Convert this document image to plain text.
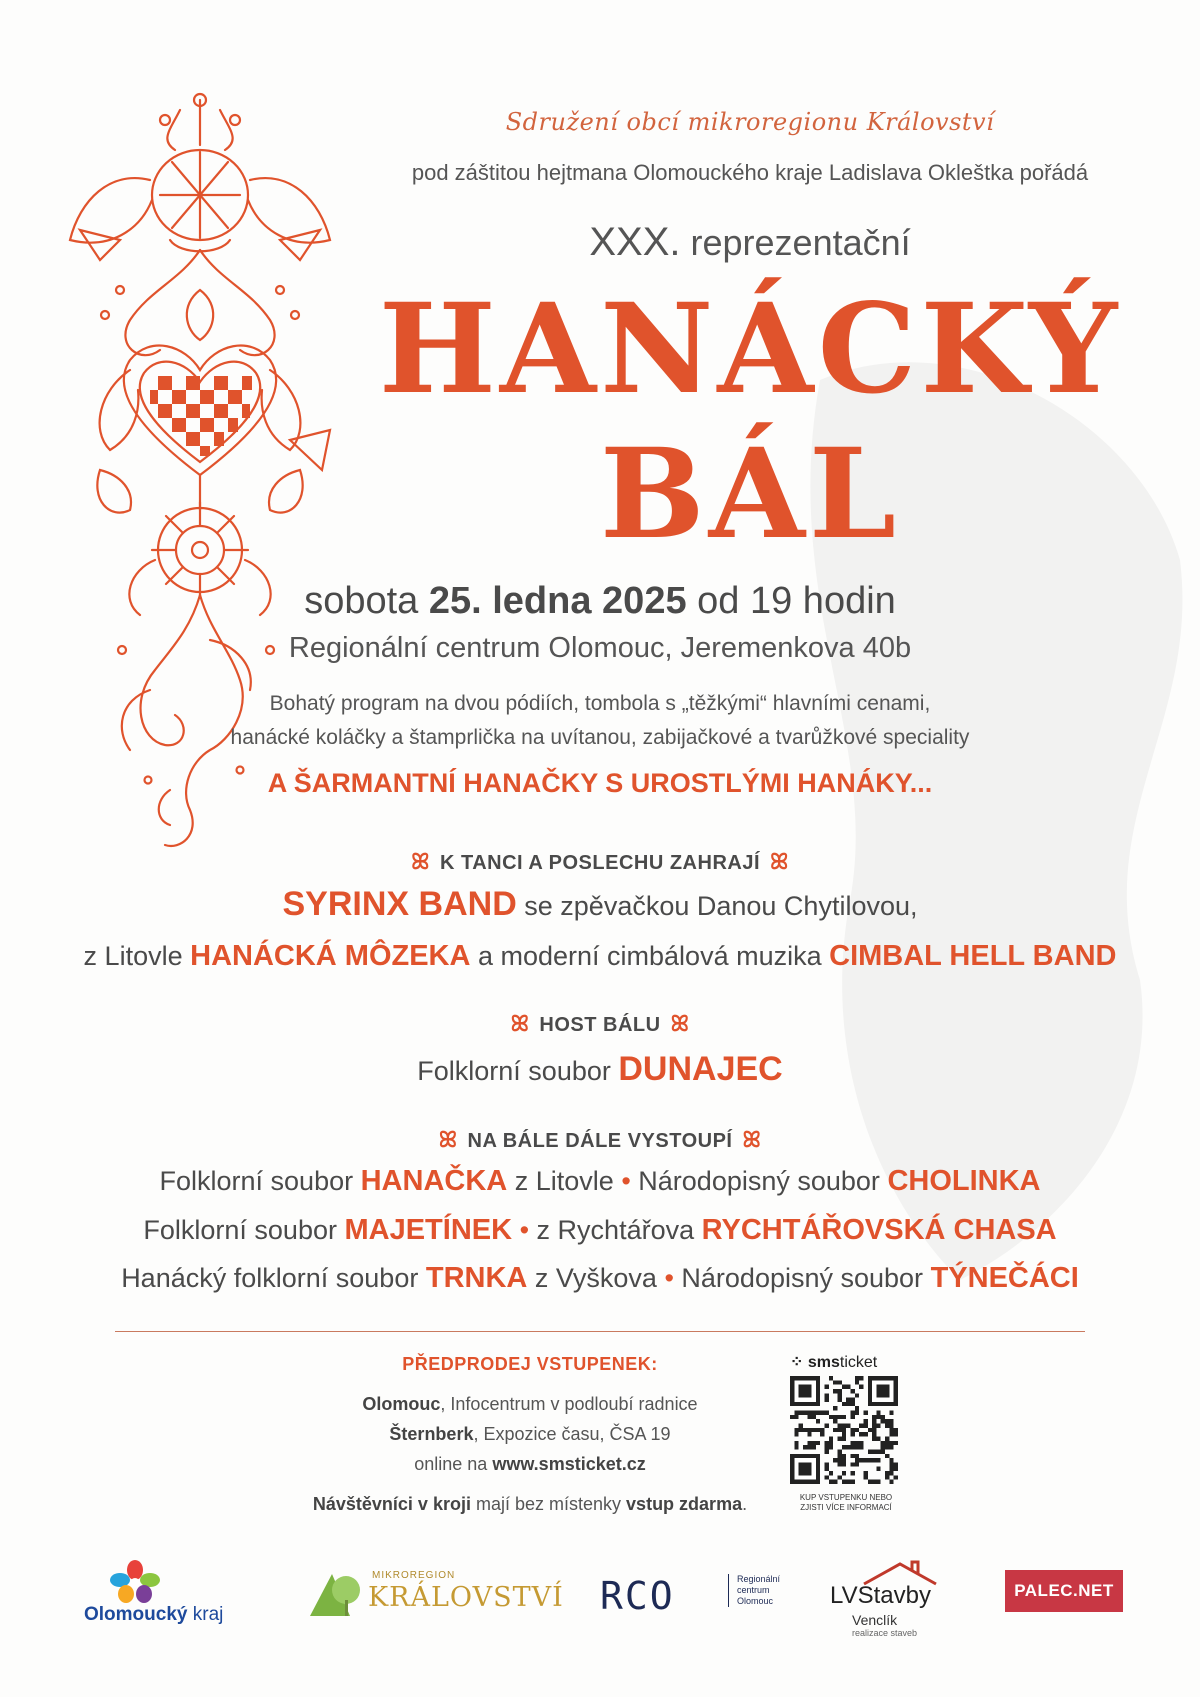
Sdružení obcí mikroregionu Království
pod záštitou hejtmana Olomouckého kraje Ladislava Okleštka pořádá
XXX. reprezentační
HANÁCKÝ
BÁL
sobota 25. ledna 2025 od 19 hodin
Regionální centrum Olomouc, Jeremenkova 40b
Bohatý program na dvou pódiích, tombola s „těžkými“ hlavními cenami,
hanácké koláčky a štamprlička na uvítanou, zabijačkové a tvarůžkové speciality
A ŠARMANTNÍ HANAČKY S UROSTLÝMI HANÁKY...
ꕤ K TANCI A POSLECHU ZAHRAJÍ ꕤ
SYRINX BAND se zpěvačkou Danou Chytilovou,
z Litovle HANÁCKÁ MÔZEKA a moderní cimbálová muzika CIMBAL HELL BAND
ꕤ HOST BÁLU ꕤ
Folklorní soubor DUNAJEC
ꕤ NA BÁLE DÁLE VYSTOUPÍ ꕤ
Folklorní soubor HANAČKA z Litovle • Národopisný soubor CHOLINKA
Folklorní soubor MAJETÍNEK • z Rychtářova RYCHTÁŘOVSKÁ CHASA
Hanácký folklorní soubor TRNKA z Vyškova • Národopisný soubor TÝNEČÁCI
PŘEDPRODEJ VSTUPENEK:
Olomouc, Infocentrum v podloubí radnice
Šternberk, Expozice času, ČSA 19
online na www.smsticket.cz
Návštěvníci v kroji mají bez místenky vstup zdarma.
⁘ smsticket
KUP VSTUPENKU NEBO ZJISTI VÍCE INFORMACÍ
Olomoucký kraj
MIKROREGION
KRÁLOVSTVÍ RCO	Regionální
centrum
Olomouc LVStavby
Venclík
realizace staveb
PALEC.NET
